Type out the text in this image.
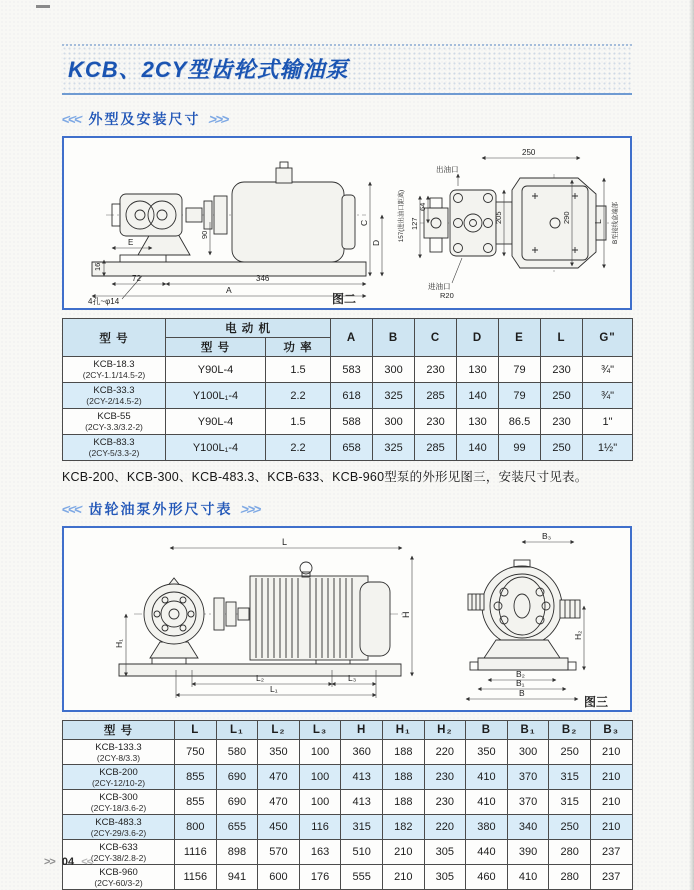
KCB、2CY型齿轮式输油泵
<<< 外型及安装尺寸 >>>
E
16
72	346
A
C
D
90
4孔~φ14
157(进出油口距离)
250
出油口
64
127	205	290	L	B至接线盒端部
进油口
R20
图二
型 号	电 动 机		A	B	C	D	E	L	G"
	型 号	功 率							

KCB-18.3
(2CY-1.1/14.5-2)	Y90L-4	1.5	583	300	230	130	79	230	¾"

KCB-33.3
(2CY-2/14.5-2)	Y100L₁-4	2.2	618	325	285	140	79	250	¾"

KCB-55
(2CY-3.3/3.2-2)	Y90L-4	1.5	588	300	230	130	86.5	230	1"

KCB-83.3
(2CY-5/3.3-2)	Y100L₁-4	2.2	658	325	285	140	99	250	1½"

KCB-200、KCB-300、KCB-483.3、KCB-633、KCB-960型泵的外形见图三，安装尺寸见表。

<<< 齿轮油泵外形尺寸表 >>>
L
H
H₁
L₂	L₃
L₁
B₃
H₂
B₂
B₁
B
图三
型 号	L	L₁	L₂	L₃	H	H₁	H₂	B	B₁	B₂	B₃

KCB-133.3
(2CY-8/3.3)	750	580	350	100	360	188	220	350	300	250	210

KCB-200
(2CY-12/10-2)	855	690	470	100	413	188	230	410	370	315	210

KCB-300
(2CY-18/3.6-2)	855	690	470	100	413	188	230	410	370	315	210

KCB-483.3
(2CY-29/3.6-2)	800	655	450	116	315	182	220	380	340	250	210

KCB-633
(2CY-38/2.8-2)	1116	898	570	163	510	210	305	440	390	280	237

KCB-960
(2CY-60/3-2)	1156	941	600	176	555	210	305	460	410	280	237
>> 04 <<
